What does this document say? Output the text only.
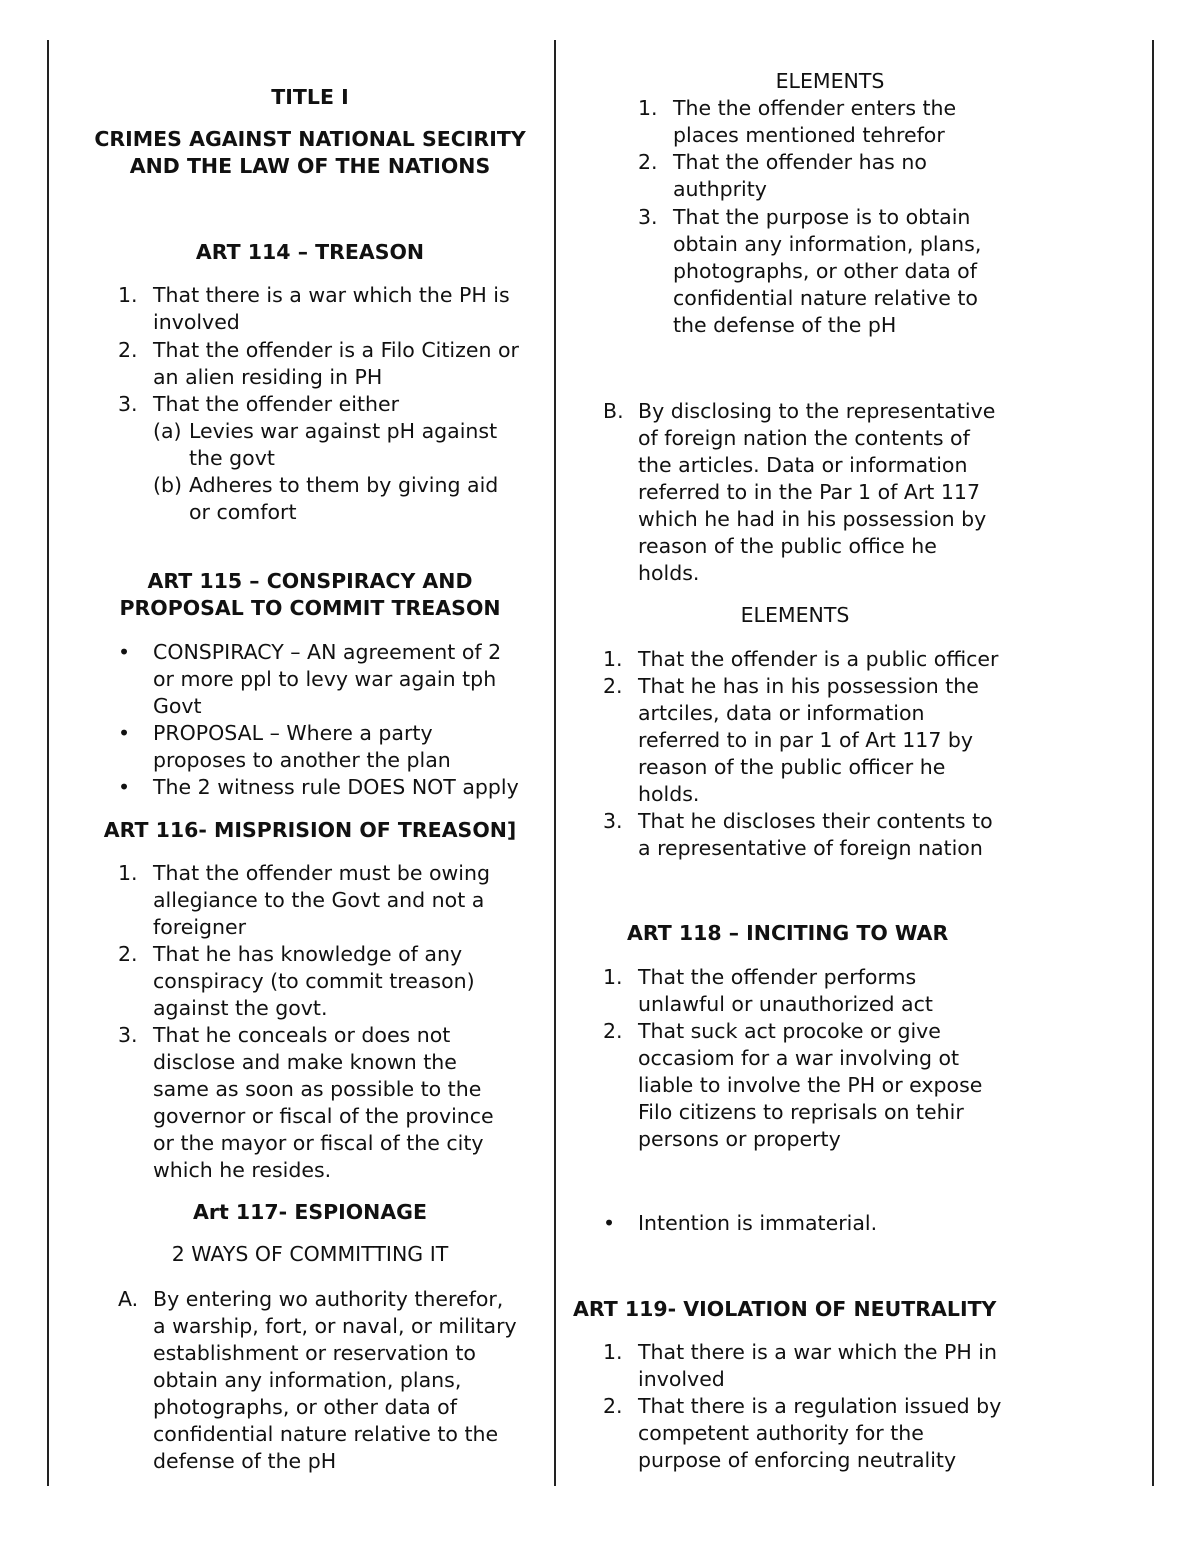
TITLE I
CRIMES AGAINST NATIONAL SECIRITY
AND THE LAW OF THE NATIONS
ART 114 – TREASON
1. That there is a war which the PH is
involved
2. That the offender is a Filo Citizen or
an alien residing in PH
3. That the offender either
(a) Levies war against pH against
the govt
(b) Adheres to them by giving aid
or comfort
ART 115 – CONSPIRACY AND
PROPOSAL TO COMMIT TREASON
• CONSPIRACY – AN agreement of 2
or more ppl to levy war again tph
Govt
• PROPOSAL – Where a party
proposes to another the plan
• The 2 witness rule DOES NOT apply
ART 116- MISPRISION OF TREASON]
1. That the offender must be owing
allegiance to the Govt and not a
foreigner
2. That he has knowledge of any
conspiracy (to commit treason)
against the govt.
3. That he conceals or does not
disclose and make known the
same as soon as possible to the
governor or fiscal of the province
or the mayor or fiscal of the city
which he resides.
Art 117- ESPIONAGE
2 WAYS OF COMMITTING IT
A. By entering wo authority therefor,
a warship, fort, or naval, or military
establishment or reservation to
obtain any information, plans,
photographs, or other data of
confidential nature relative to the
defense of the pH
ELEMENTS
1. The the offender enters the
places mentioned tehrefor
2. That the offender has no
authprity
3. That the purpose is to obtain
obtain any information, plans,
photographs, or other data of
confidential nature relative to
the defense of the pH
B. By disclosing to the representative
of foreign nation the contents of
the articles. Data or information
referred to in the Par 1 of Art 117
which he had in his possession by
reason of the public office he
holds.
ELEMENTS
1. That the offender is a public officer
2. That he has in his possession the
artciles, data or information
referred to in par 1 of Art 117 by
reason of the public officer he
holds.
3. That he discloses their contents to
a representative of foreign nation
ART 118 – INCITING TO WAR
1. That the offender performs
unlawful or unauthorized act
2. That suck act procoke or give
occasiom for a war involving ot
liable to involve the PH or expose
Filo citizens to reprisals on tehir
persons or property
• Intention is immaterial.
ART 119- VIOLATION OF NEUTRALITY
1. That there is a war which the PH in
involved
2. That there is a regulation issued by
competent authority for the
purpose of enforcing neutrality
